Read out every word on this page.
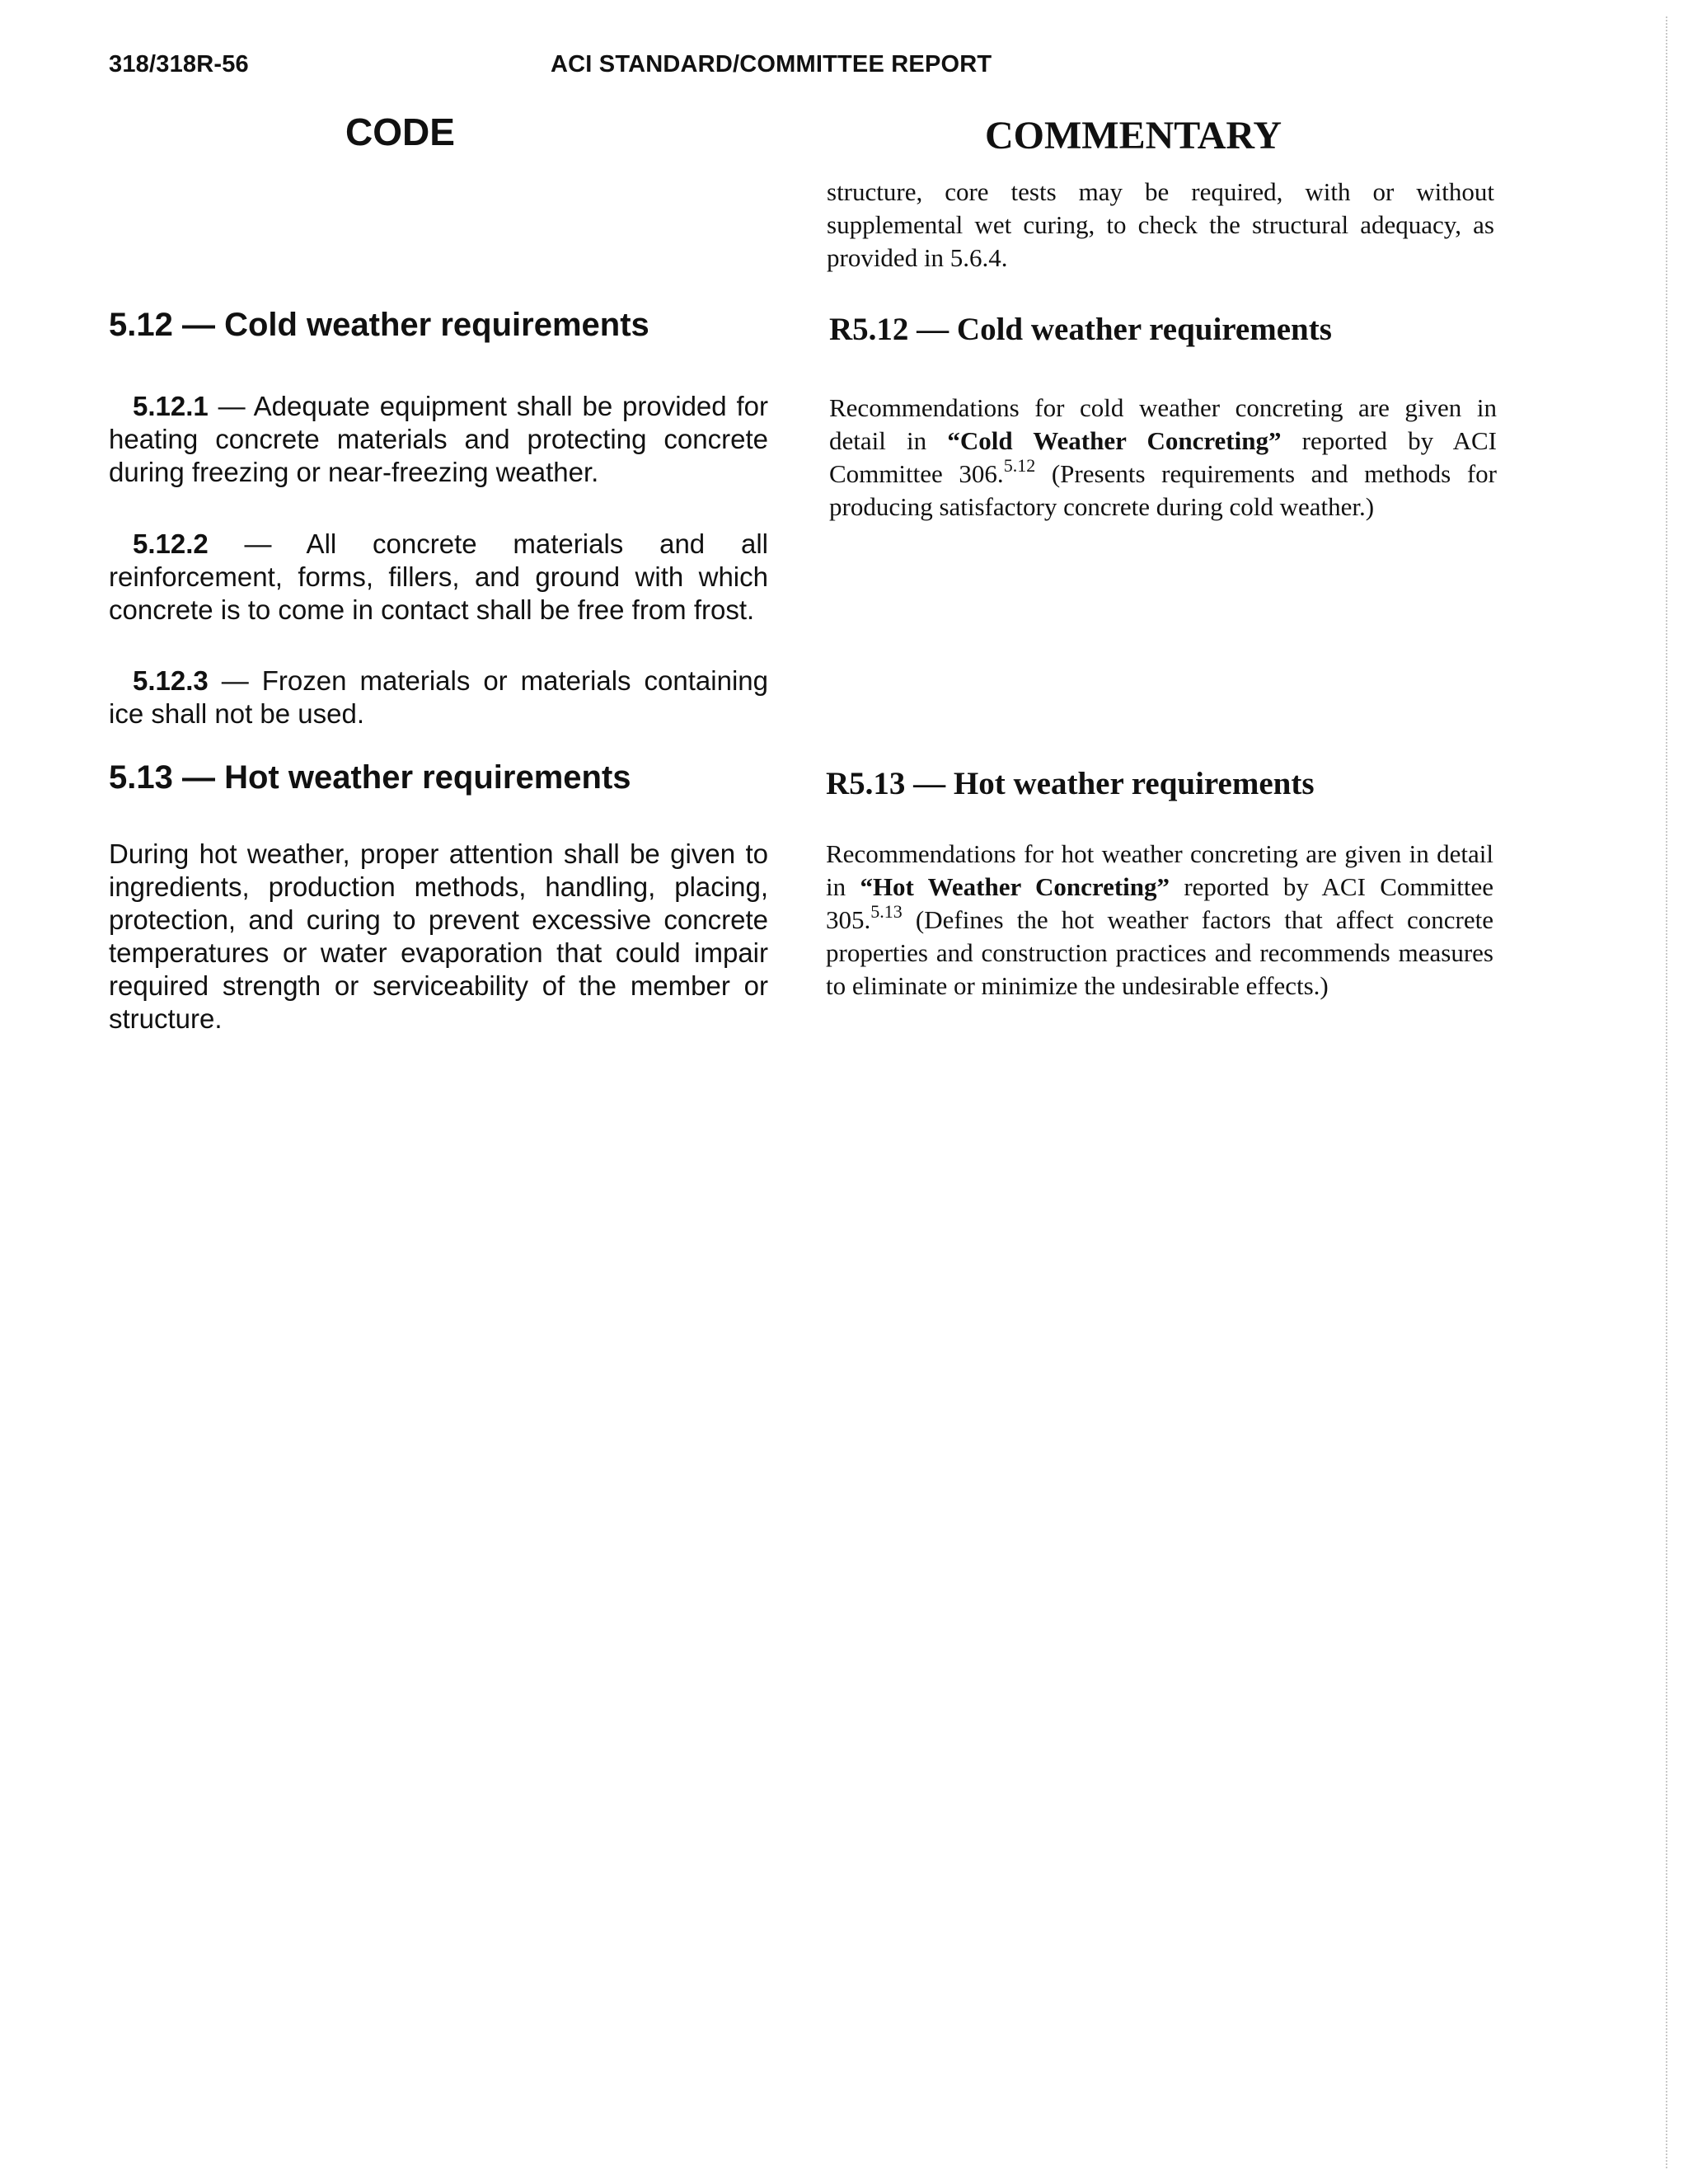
318/318R-56	ACI STANDARD/COMMITTEE REPORT
CODE	COMMENTARY

structure, core tests may be required, with or without supplemental wet curing, to check the structural adequacy, as provided in 5.6.4.

5.12 — Cold weather requirements

5.12.1 — Adequate equipment shall be provided for heating concrete materials and protecting concrete during freezing or near-freezing weather.

5.12.2 — All concrete materials and all reinforcement, forms, fillers, and ground with which concrete is to come in contact shall be free from frost.

5.12.3 — Frozen materials or materials containing ice shall not be used.

5.13 — Hot weather requirements

During hot weather, proper attention shall be given to ingredients, production methods, handling, placing, protection, and curing to prevent excessive concrete temperatures or water evaporation that could impair required strength or serviceability of the member or structure.

R5.12 — Cold weather requirements

Recommendations for cold weather concreting are given in detail in “Cold Weather Concreting” reported by ACI Committee 306.$^{5.12}$ (Presents requirements and methods for producing satisfactory concrete during cold weather.)

R5.13 — Hot weather requirements

Recommendations for hot weather concreting are given in detail in “Hot Weather Concreting” reported by ACI Committee 305.$^{5.13}$ (Defines the hot weather factors that affect concrete properties and construction practices and recommends measures to eliminate or minimize the undesirable effects.)
